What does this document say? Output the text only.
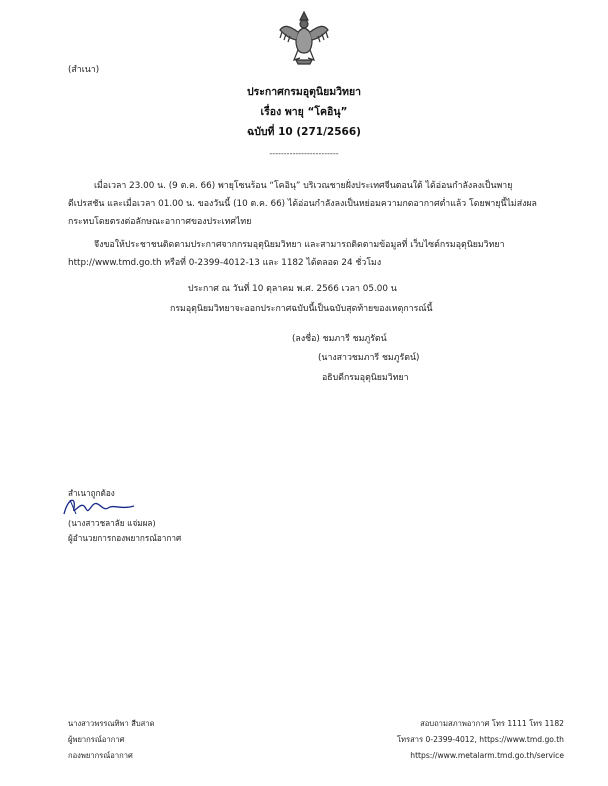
(สำเนา)
ประกาศกรมอุตุนิยมวิทยา
เรื่อง พายุ “โคอินุ”
ฉบับที่ 10 (271/2566)
------------------------
เมื่อเวลา 23.00 น. (9 ต.ค. 66) พายุโซนร้อน “โคอินุ” บริเวณชายฝั่งประเทศจีนตอนใต้ ได้อ่อนกำลังลงเป็นพายุ
ดีเปรสชัน และเมื่อเวลา 01.00 น. ของวันนี้ (10 ต.ค. 66) ได้อ่อนกำลังลงเป็นหย่อมความกดอากาศต่ำแล้ว โดยพายุนี้ไม่ส่งผล
กระทบโดยตรงต่อลักษณะอากาศของประเทศไทย
จึงขอให้ประชาชนติดตามประกาศจากกรมอุตุนิยมวิทยา และสามารถติดตามข้อมูลที่ เว็บไซต์กรมอุตุนิยมวิทยา
http://www.tmd.go.th หรือที่ 0-2399-4012-13 และ 1182 ได้ตลอด 24 ชั่วโมง
ประกาศ ณ วันที่ 10 ตุลาคม พ.ศ. 2566 เวลา 05.00 น
กรมอุตุนิยมวิทยาจะออกประกาศฉบับนี้เป็นฉบับสุดท้ายของเหตุการณ์นี้
(ลงชื่อ) ชมภารี ชมภูรัตน์
(นางสาวชมภารี ชมภูรัตน์)
อธิบดีกรมอุตุนิยมวิทยา
สำเนาถูกต้อง
(นางสาวชลาลัย แจ่มผล)
ผู้อำนวยการกองพยากรณ์อากาศ
นางสาวพรรณทิพา สืบสาด
ผู้พยากรณ์อากาศ
กองพยากรณ์อากาศ
สอบถามสภาพอากาศ โทร 1111 โทร 1182
โทรสาร 0-2399-4012, https://www.tmd.go.th
https://www.metalarm.tmd.go.th/service
